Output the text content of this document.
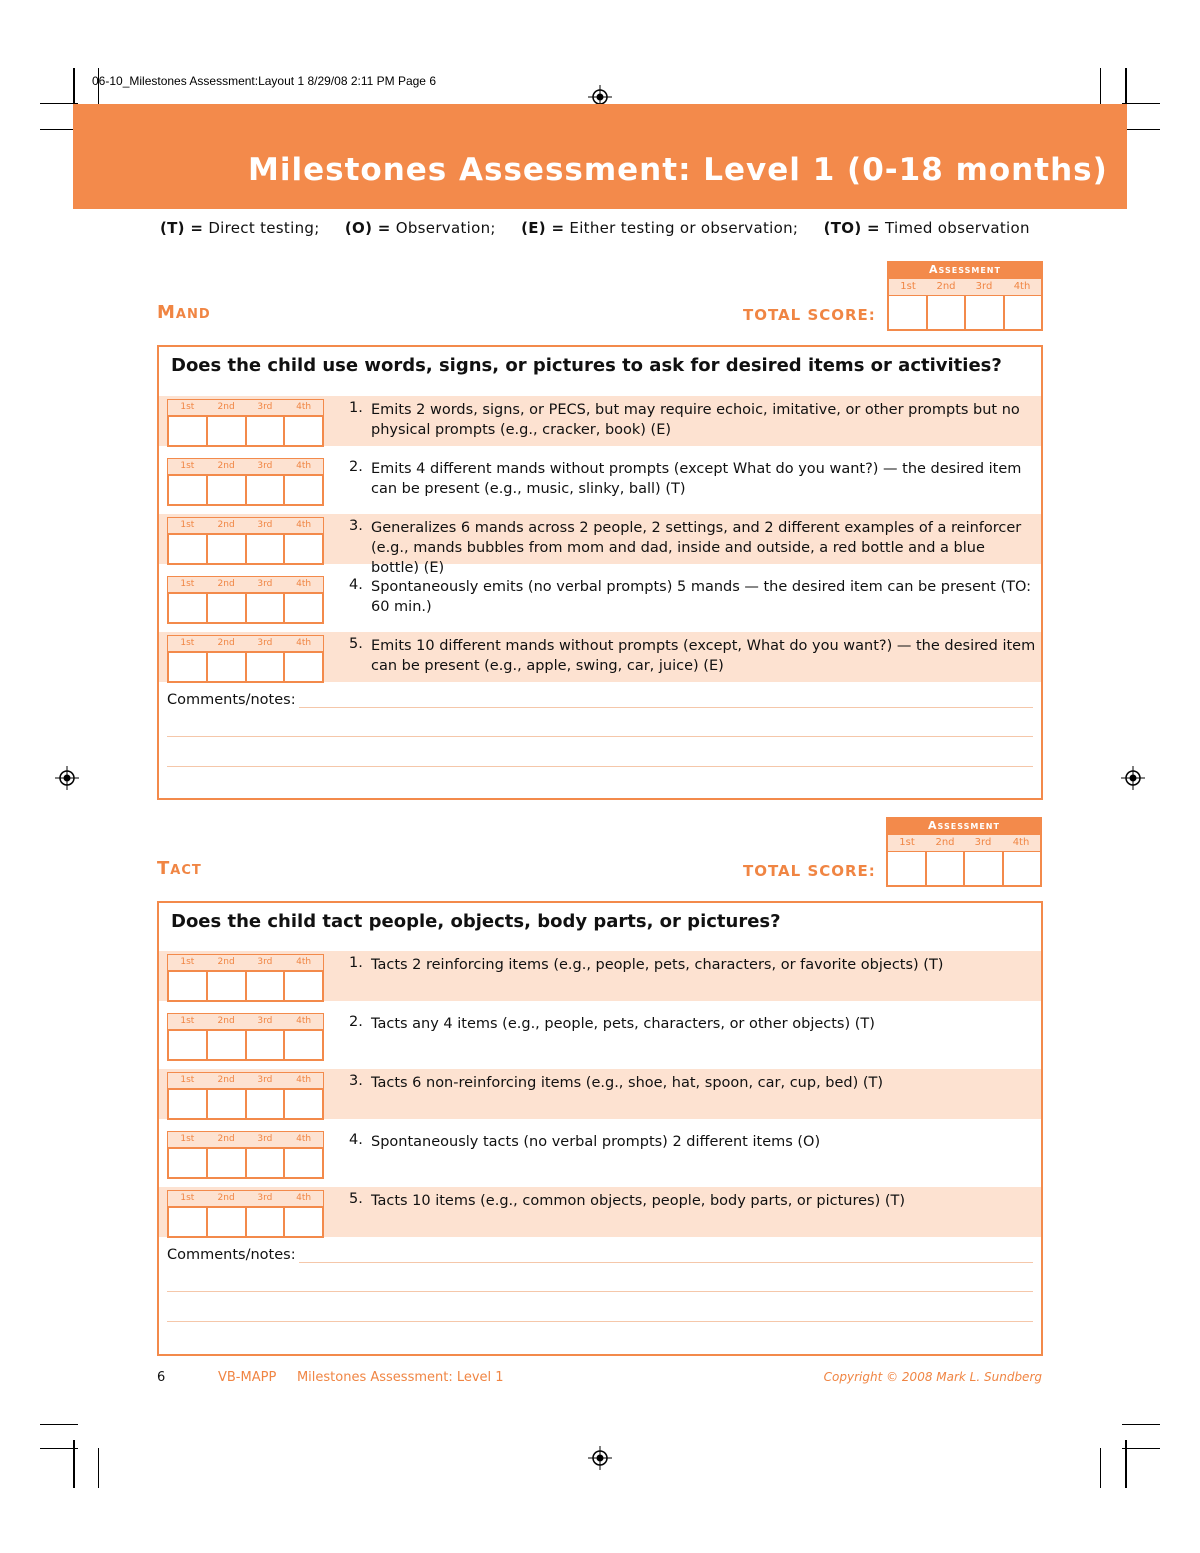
06-10_Milestones Assessment:Layout 1 8/29/08 2:11 PM Page 6
Milestones Assessment: Level 1 (0-18 months)
(T) = Direct testing; (O) = Observation; (E) = Either testing or observation; (TO) = Timed observation
Mand	TOTAL SCORE:
Assessment
1st	2nd	3rd	4th
Does the child use words, signs, or pictures to ask for desired items or activities?
1st	2nd	3rd	4th	1. Emits 2 words, signs, or PECS, but may require echoic, imitative, or other prompts but no physical prompts (e.g., cracker, book) (E)
1st	2nd	3rd	4th	2. Emits 4 different mands without prompts (except What do you want?) — the desired item can be present (e.g., music, slinky, ball) (T)
1st	2nd	3rd	4th	3. Generalizes 6 mands across 2 people, 2 settings, and 2 different examples of a reinforcer (e.g., mands bubbles from mom and dad, inside and outside, a red bottle and a blue bottle) (E)
1st	2nd	3rd	4th	4. Spontaneously emits (no verbal prompts) 5 mands — the desired item can be present (TO: 60 min.)
1st	2nd	3rd	4th	5. Emits 10 different mands without prompts (except, What do you want?) — the desired item can be present (e.g., apple, swing, car, juice) (E)
Comments/notes:
Tact	TOTAL SCORE:
Assessment
1st	2nd	3rd	4th
Does the child tact people, objects, body parts, or pictures?
1st	2nd	3rd	4th	1. Tacts 2 reinforcing items (e.g., people, pets, characters, or favorite objects) (T)
1st	2nd	3rd	4th	2. Tacts any 4 items (e.g., people, pets, characters, or other objects) (T)
1st	2nd	3rd	4th	3. Tacts 6 non-reinforcing items (e.g., shoe, hat, spoon, car, cup, bed) (T)
1st	2nd	3rd	4th	4. Spontaneously tacts (no verbal prompts) 2 different items (O)
1st	2nd	3rd	4th	5. Tacts 10 items (e.g., common objects, people, body parts, or pictures) (T)
Comments/notes:
6	VB-MAPP     Milestones Assessment: Level 1	Copyright © 2008 Mark L. Sundberg
